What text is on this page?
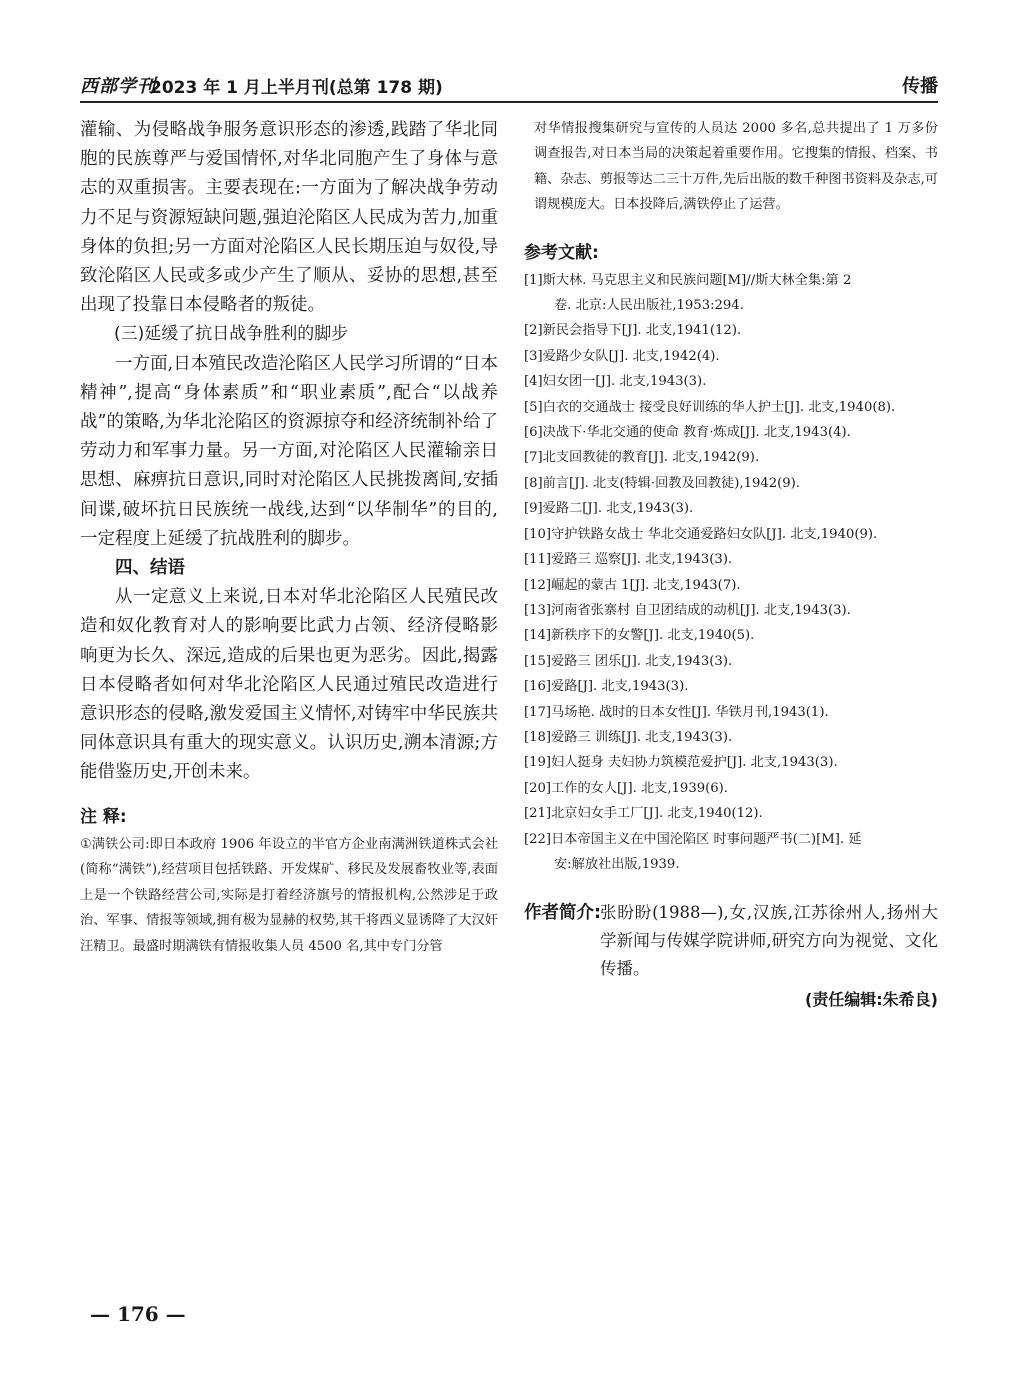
西部学刊
2023 年 1 月上半月刊(总第 178 期)	传播

灌输、为侵略战争服务意识形态的渗透,践踏了华北同胞的民族尊严与爱国情怀,对华北同胞产生了身体与意志的双重损害。主要表现在:一方面为了解决战争劳动力不足与资源短缺问题,强迫沦陷区人民成为苦力,加重身体的负担;另一方面对沦陷区人民长期压迫与奴役,导致沦陷区人民或多或少产生了顺从、妥协的思想,甚至出现了投靠日本侵略者的叛徒。

(三)延缓了抗日战争胜利的脚步

一方面,日本殖民改造沦陷区人民学习所谓的“日本精神”,提高“身体素质”和“职业素质”,配合“以战养战”的策略,为华北沦陷区的资源掠夺和经济统制补给了劳动力和军事力量。另一方面,对沦陷区人民灌输亲日思想、麻痹抗日意识,同时对沦陷区人民挑拨离间,安插间谍,破坏抗日民族统一战线,达到“以华制华”的目的,一定程度上延缓了抗战胜利的脚步。

四、结语

从一定意义上来说,日本对华北沦陷区人民殖民改造和奴化教育对人的影响要比武力占领、经济侵略影响更为长久、深远,造成的后果也更为恶劣。因此,揭露日本侵略者如何对华北沦陷区人民通过殖民改造进行意识形态的侵略,激发爱国主义情怀,对铸牢中华民族共同体意识具有重大的现实意义。认识历史,溯本清源;方能借鉴历史,开创未来。

注 释:

①满铁公司:即日本政府 1906 年设立的半官方企业南满洲铁道株式会社(简称“满铁”),经营项目包括铁路、开发煤矿、移民及发展畜牧业等,表面上是一个铁路经营公司,实际是打着经济旗号的情报机构,公然涉足于政治、军事、情报等领域,拥有极为显赫的权势,其干将西义显诱降了大汉奸汪精卫。最盛时期满铁有情报收集人员 4500 名,其中专门分管

对华情报搜集研究与宣传的人员达 2000 多名,总共提出了 1 万多份调查报告,对日本当局的决策起着重要作用。它搜集的情报、档案、书籍、杂志、剪报等达二三十万件,先后出版的数千种图书资料及杂志,可谓规模庞大。日本投降后,满铁停止了运营。

参考文献:
[1]斯大林. 马克思主义和民族问题[M]//斯大林全集:第 2
卷. 北京:人民出版社,1953:294.
[2]新民会指导下[J]. 北支,1941(12).
[3]爱路少女队[J]. 北支,1942(4).
[4]妇女团一[J]. 北支,1943(3).
[5]白衣的交通战士 接受良好训练的华人护士[J]. 北支,1940(8).
[6]决战下·华北交通的使命 教育·炼成[J]. 北支,1943(4).
[7]北支回教徒的教育[J]. 北支,1942(9).
[8]前言[J]. 北支(特辑·回教及回教徒),1942(9).
[9]爱路二[J]. 北支,1943(3).
[10]守护铁路女战士 华北交通爱路妇女队[J]. 北支,1940(9).
[11]爱路三 巡察[J]. 北支,1943(3).
[12]崛起的蒙古 1[J]. 北支,1943(7).
[13]河南省张寨村 自卫团结成的动机[J]. 北支,1943(3).
[14]新秩序下的女警[J]. 北支,1940(5).
[15]爱路三 团乐[J]. 北支,1943(3).
[16]爱路[J]. 北支,1943(3).
[17]马场艳. 战时的日本女性[J]. 华铁月刊,1943(1).
[18]爱路三 训练[J]. 北支,1943(3).
[19]妇人挺身 夫妇协力筑模范爱护[J]. 北支,1943(3).
[20]工作的女人[J]. 北支,1939(6).
[21]北京妇女手工厂[J]. 北支,1940(12).
[22]日本帝国主义在中国沦陷区 时事问题严书(二)[M]. 延
安:解放社出版,1939.
作者简介: 张盼盼(1988—),女,汉族,江苏徐州人,扬州大学新闻与传媒学院讲师,研究方向为视觉、文化传播。
(责任编辑:朱希良)
— 176 —
